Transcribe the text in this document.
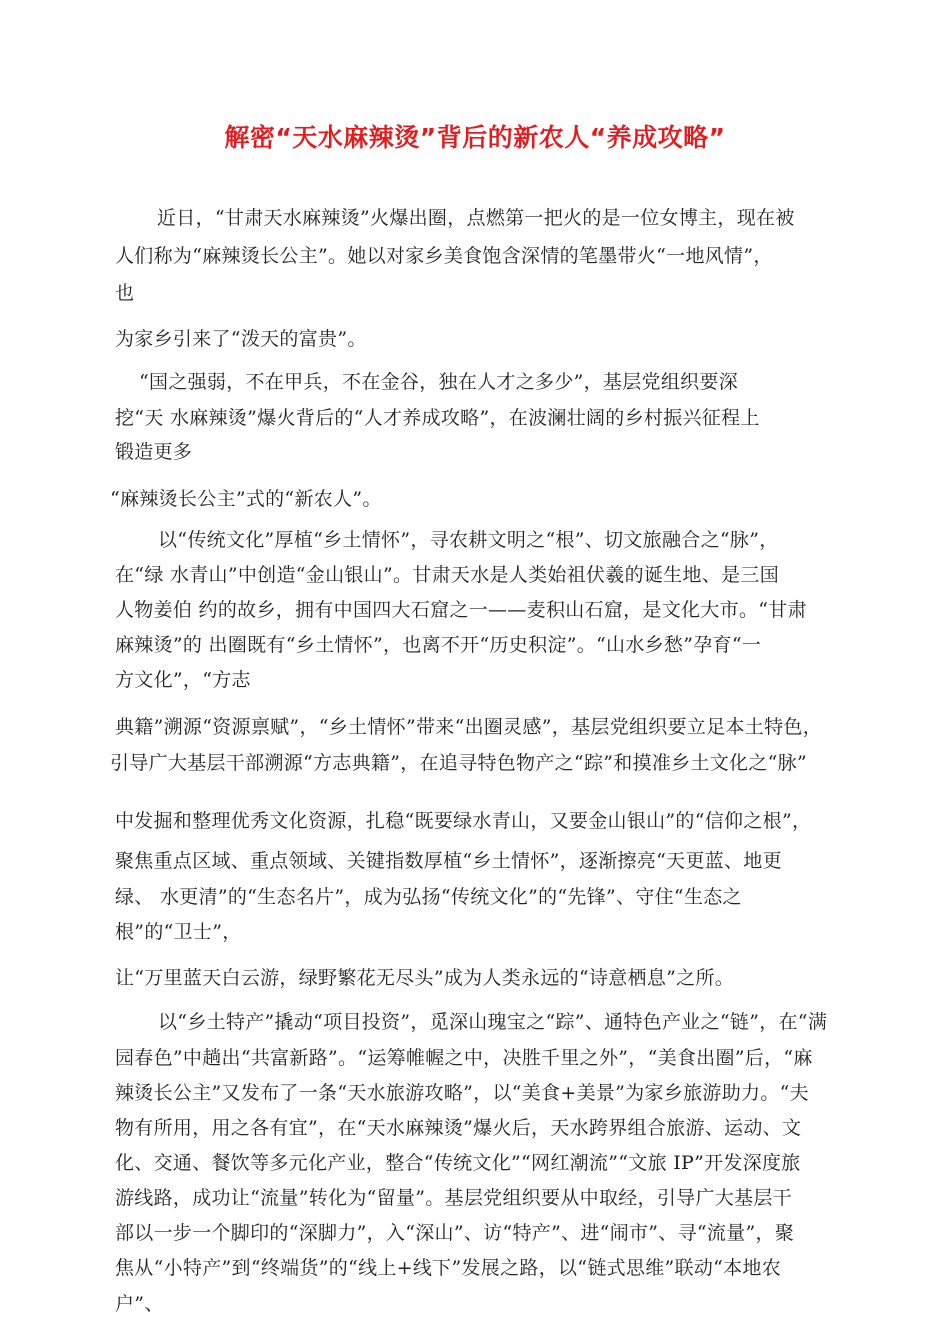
解密“天水麻辣烫”背后的新农人“养成攻略”
近日，“甘肃天水麻辣烫”火爆出圈，点燃第一把火的是一位女博主，现在被
人们称为“麻辣烫长公主”。她以对家乡美食饱含深情的笔墨带火“一地风情”，
也
为家乡引来了“泼天的富贵”。
“国之强弱，不在甲兵，不在金谷，独在人才之多少”，基层党组织要深
挖“天 水麻辣烫”爆火背后的“人才养成攻略”，在波澜壮阔的乡村振兴征程上
锻造更多
“麻辣烫长公主”式的“新农人”。
以“传统文化”厚植“乡土情怀”，寻农耕文明之“根”、切文旅融合之“脉”，
在“绿 水青山”中创造“金山银山”。甘肃天水是人类始祖伏羲的诞生地、是三国
人物姜伯 约的故乡，拥有中国四大石窟之一——麦积山石窟，是文化大市。“甘肃
麻辣烫”的 出圈既有“乡土情怀”，也离不开“历史积淀”。“山水乡愁”孕育“一
方文化”，“方志
典籍”溯源“资源禀赋”，“乡土情怀”带来“出圈灵感”，基层党组织要立足本土特色，
引导广大基层干部溯源“方志典籍”，在追寻特色物产之“踪”和摸准乡土文化之“脉”
中发掘和整理优秀文化资源，扎稳“既要绿水青山，又要金山银山”的“信仰之根”，
聚焦重点区域、重点领域、关键指数厚植“乡土情怀”，逐渐擦亮“天更蓝、地更
绿、 水更清”的“生态名片”，成为弘扬“传统文化”的“先锋”、守住“生态之
根”的“卫士”，
让“万里蓝天白云游，绿野繁花无尽头”成为人类永远的“诗意栖息”之所。
以“乡土特产”撬动“项目投资”，觅深山瑰宝之“踪”、通特色产业之“链”，在“满
园春色”中趟出“共富新路”。“运筹帷幄之中，决胜千里之外”，“美食出圈”后，“麻
辣烫长公主”又发布了一条“天水旅游攻略”，以“美食+美景”为家乡旅游助力。“夫
物有所用，用之各有宜”，在“天水麻辣烫”爆火后，天水跨界组合旅游、运动、文
化、交通、餐饮等多元化产业，整合“传统文化”“网红潮流”“文旅 IP”开发深度旅
游线路，成功让“流量”转化为“留量”。基层党组织要从中取经，引导广大基层干
部以一步一个脚印的“深脚力”，入“深山”、访“特产”、进“闹市”、寻“流量”，聚
焦从“小特产”到“终端货”的“线上+线下”发展之路，以“链式思维”联动“本地农
户”、
